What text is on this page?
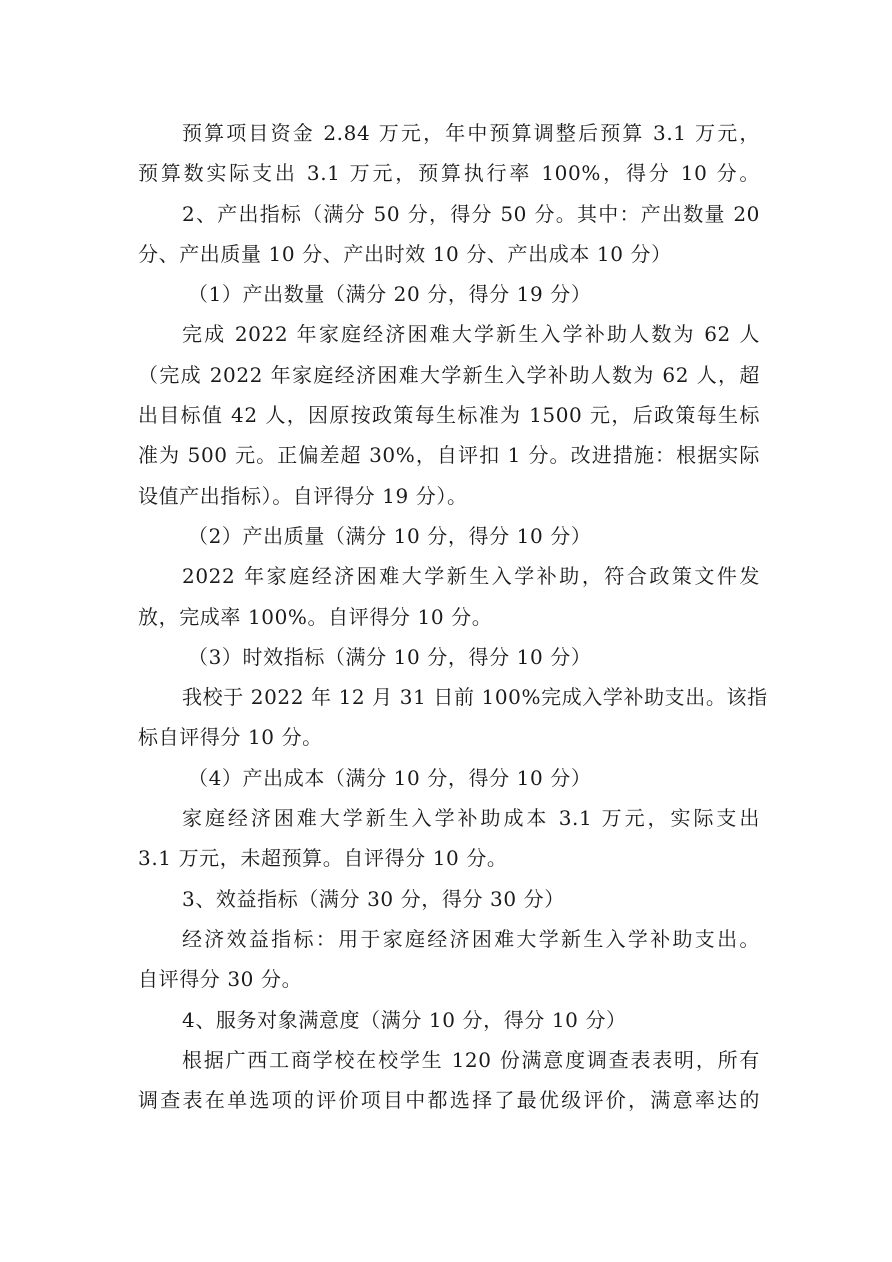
预算项目资金 2.84 万元，年中预算调整后预算 3.1 万元，
预算数实际支出 3.1 万元，预算执行率 100%，得分 10 分。
2、产出指标（满分 50 分，得分 50 分。其中：产出数量 20
分、产出质量 10 分、产出时效 10 分、产出成本 10 分）
（1）产出数量（满分 20 分，得分 19 分）
完成 2022 年家庭经济困难大学新生入学补助人数为 62 人
（完成 2022 年家庭经济困难大学新生入学补助人数为 62 人，超
出目标值 42 人，因原按政策每生标准为 1500 元，后政策每生标
准为 500 元。正偏差超 30%，自评扣 1 分。改进措施：根据实际
设值产出指标）。自评得分 19 分）。
（2）产出质量（满分 10 分，得分 10 分）
2022 年家庭经济困难大学新生入学补助，符合政策文件发
放，完成率 100%。自评得分 10 分。
（3）时效指标（满分 10 分，得分 10 分）
我校于 2022 年 12 月 31 日前 100%完成入学补助支出。该指
标自评得分 10 分。
（4）产出成本（满分 10 分，得分 10 分）
家庭经济困难大学新生入学补助成本 3.1 万元，实际支出
3.1 万元，未超预算。自评得分 10 分。
3、效益指标（满分 30 分，得分 30 分）
经济效益指标：用于家庭经济困难大学新生入学补助支出。
自评得分 30 分。
4、服务对象满意度（满分 10 分，得分 10 分）
根据广西工商学校在校学生 120 份满意度调查表表明，所有
调查表在单选项的评价项目中都选择了最优级评价，满意率达的
